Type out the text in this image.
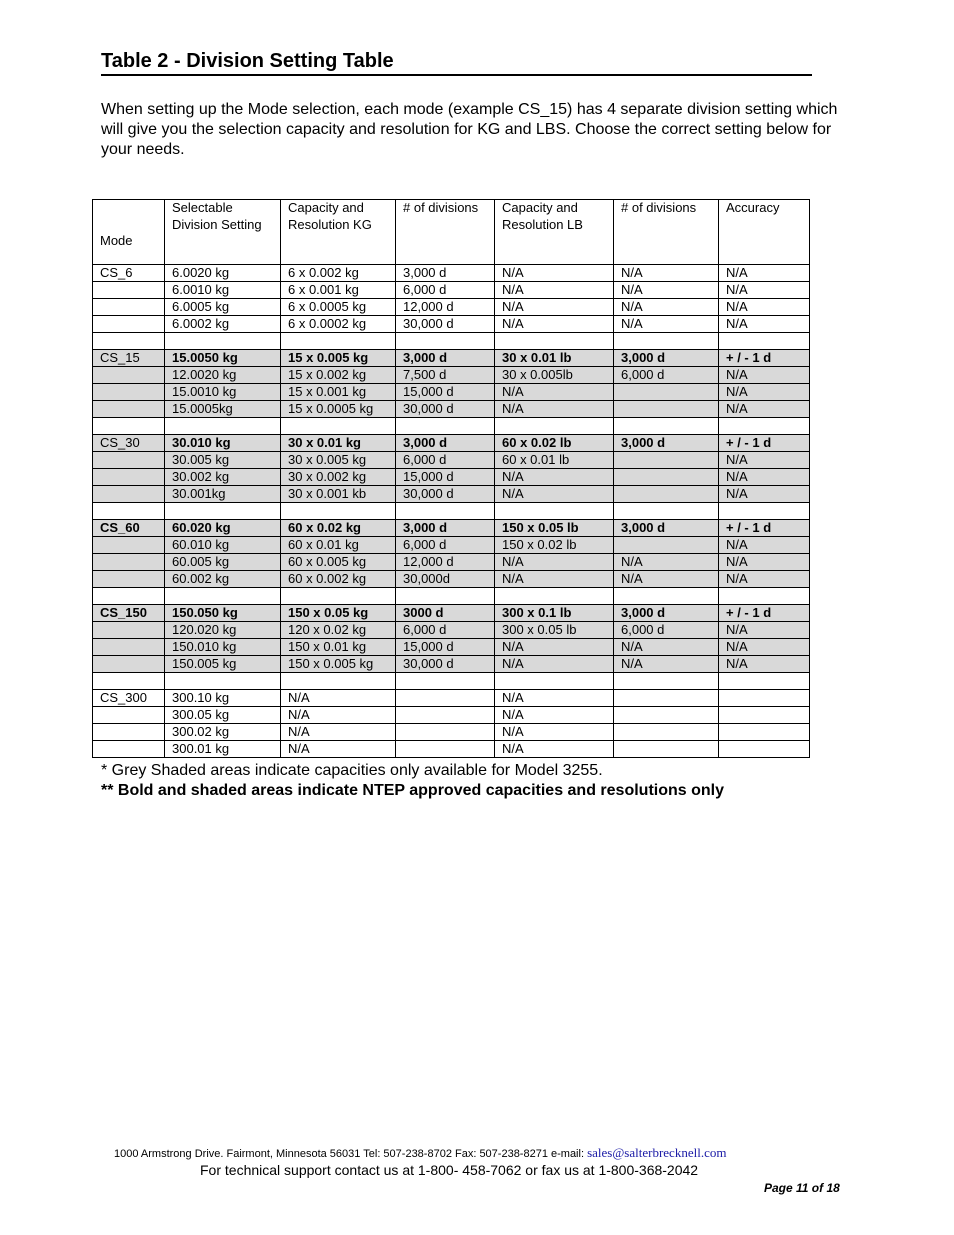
Table 2 - Division Setting Table
When setting up the Mode selection, each mode (example CS_15) has 4 separate division setting which will give you the selection capacity and resolution for KG and LBS. Choose the correct setting below for your needs.
Mode	Selectable Division Setting	Capacity and Resolution KG	# of divisions	Capacity and Resolution LB	# of divisions	Accuracy
CS_6	6.0020 kg	6 x 0.002 kg	3,000 d	N/A	N/A	N/A
	6.0010 kg	6 x 0.001 kg	6,000 d	N/A	N/A	N/A
	6.0005 kg	6 x 0.0005 kg	12,000 d	N/A	N/A	N/A
	6.0002 kg	6 x 0.0002 kg	30,000 d	N/A	N/A	N/A

CS_15	15.0050 kg	15 x 0.005 kg	3,000 d	30 x 0.01 lb	3,000 d	+ / - 1 d
	12.0020 kg	15 x 0.002 kg	7,500 d	30 x 0.005lb	6,000 d	N/A
	15.0010 kg	15 x 0.001 kg	15,000 d	N/A		N/A
	15.0005kg	15 x 0.0005 kg	30,000 d	N/A		N/A

CS_30	30.010 kg	30 x 0.01 kg	3,000 d	60 x 0.02 lb	3,000 d	+ / - 1 d
	30.005 kg	30 x 0.005 kg	6,000 d	60 x 0.01 lb		N/A
	30.002 kg	30 x 0.002 kg	15,000 d	N/A		N/A
	30.001kg	30 x 0.001 kb	30,000 d	N/A		N/A

CS_60	60.020 kg	60 x 0.02 kg	3,000 d	150 x 0.05 lb	3,000 d	+ / - 1 d
	60.010 kg	60 x 0.01 kg	6,000 d	150 x 0.02 lb		N/A
	60.005 kg	60 x 0.005 kg	12,000 d	N/A	N/A	N/A
	60.002 kg	60 x 0.002 kg	30,000d	N/A	N/A	N/A

CS_150	150.050 kg	150 x 0.05 kg	3000 d	300 x 0.1 lb	3,000 d	+ / - 1 d
	120.020 kg	120 x 0.02 kg	6,000 d	300 x 0.05 lb	6,000 d	N/A
	150.010 kg	150 x 0.01 kg	15,000 d	N/A	N/A	N/A
	150.005 kg	150 x 0.005 kg	30,000 d	N/A	N/A	N/A

CS_300	300.10 kg	N/A		N/A		
	300.05 kg	N/A		N/A		
	300.02 kg	N/A		N/A		
	300.01 kg	N/A		N/A		
* Grey Shaded areas indicate capacities only available for Model 3255.
** Bold and shaded areas indicate NTEP approved capacities and resolutions only
1000 Armstrong Drive. Fairmont, Minnesota 56031 Tel: 507-238-8702 Fax: 507-238-8271 e-mail: sales@salterbrecknell.com
For technical support contact us at 1-800- 458-7062 or fax us at 1-800-368-2042
Page 11 of 18
